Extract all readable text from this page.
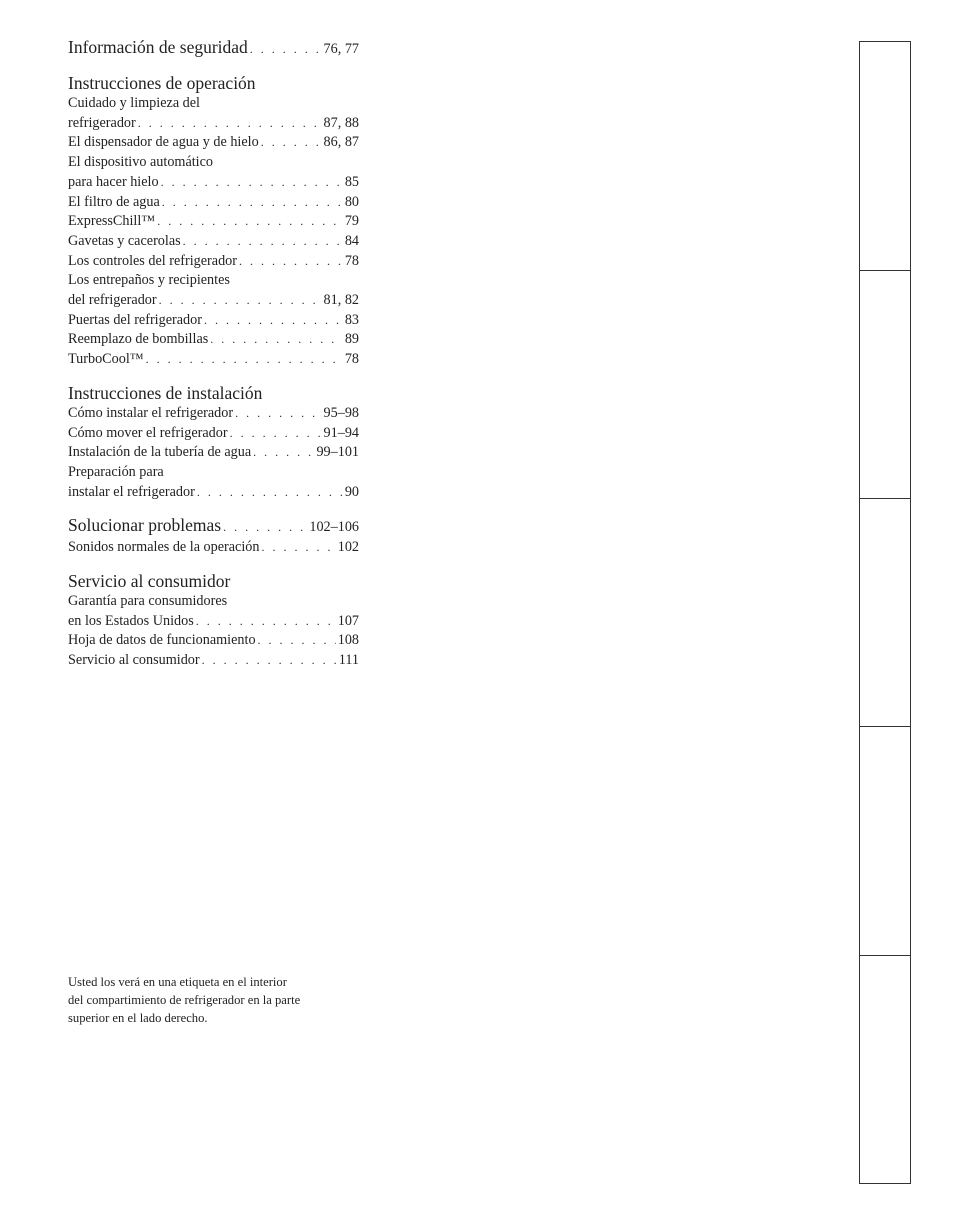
Información de seguridad . . .	76, 77
Instrucciones de operación
Cuidado y limpieza del
refrigerador . . .	87, 88
El dispensador de agua y de hielo . . .	86, 87
El dispositivo automático
para hacer hielo . . .	85
El filtro de agua . . .	80
ExpressChill™ . . .	79
Gavetas y cacerolas . . .	84
Los controles del refrigerador . . .	78
Los entrepaños y recipientes
del refrigerador . . .	81, 82
Puertas del refrigerador . . .	83
Reemplazo de bombillas . . .	89
TurboCool™ . . .	78
Instrucciones de instalación
Cómo instalar el refrigerador . . .	95–98
Cómo mover el refrigerador . . .	91–94
Instalación de la tubería de agua . . .	99–101
Preparación para
instalar el refrigerador . . .	90
Solucionar problemas . . .	102–106
Sonidos normales de la operación . . .	102
Servicio al consumidor
Garantía para consumidores
en los Estados Unidos . . .	107
Hoja de datos de funcionamiento . . .	108
Servicio al consumidor . . .	111
Usted los verá en una etiqueta en el interior
del compartimiento de refrigerador en la parte
superior en el lado derecho.
